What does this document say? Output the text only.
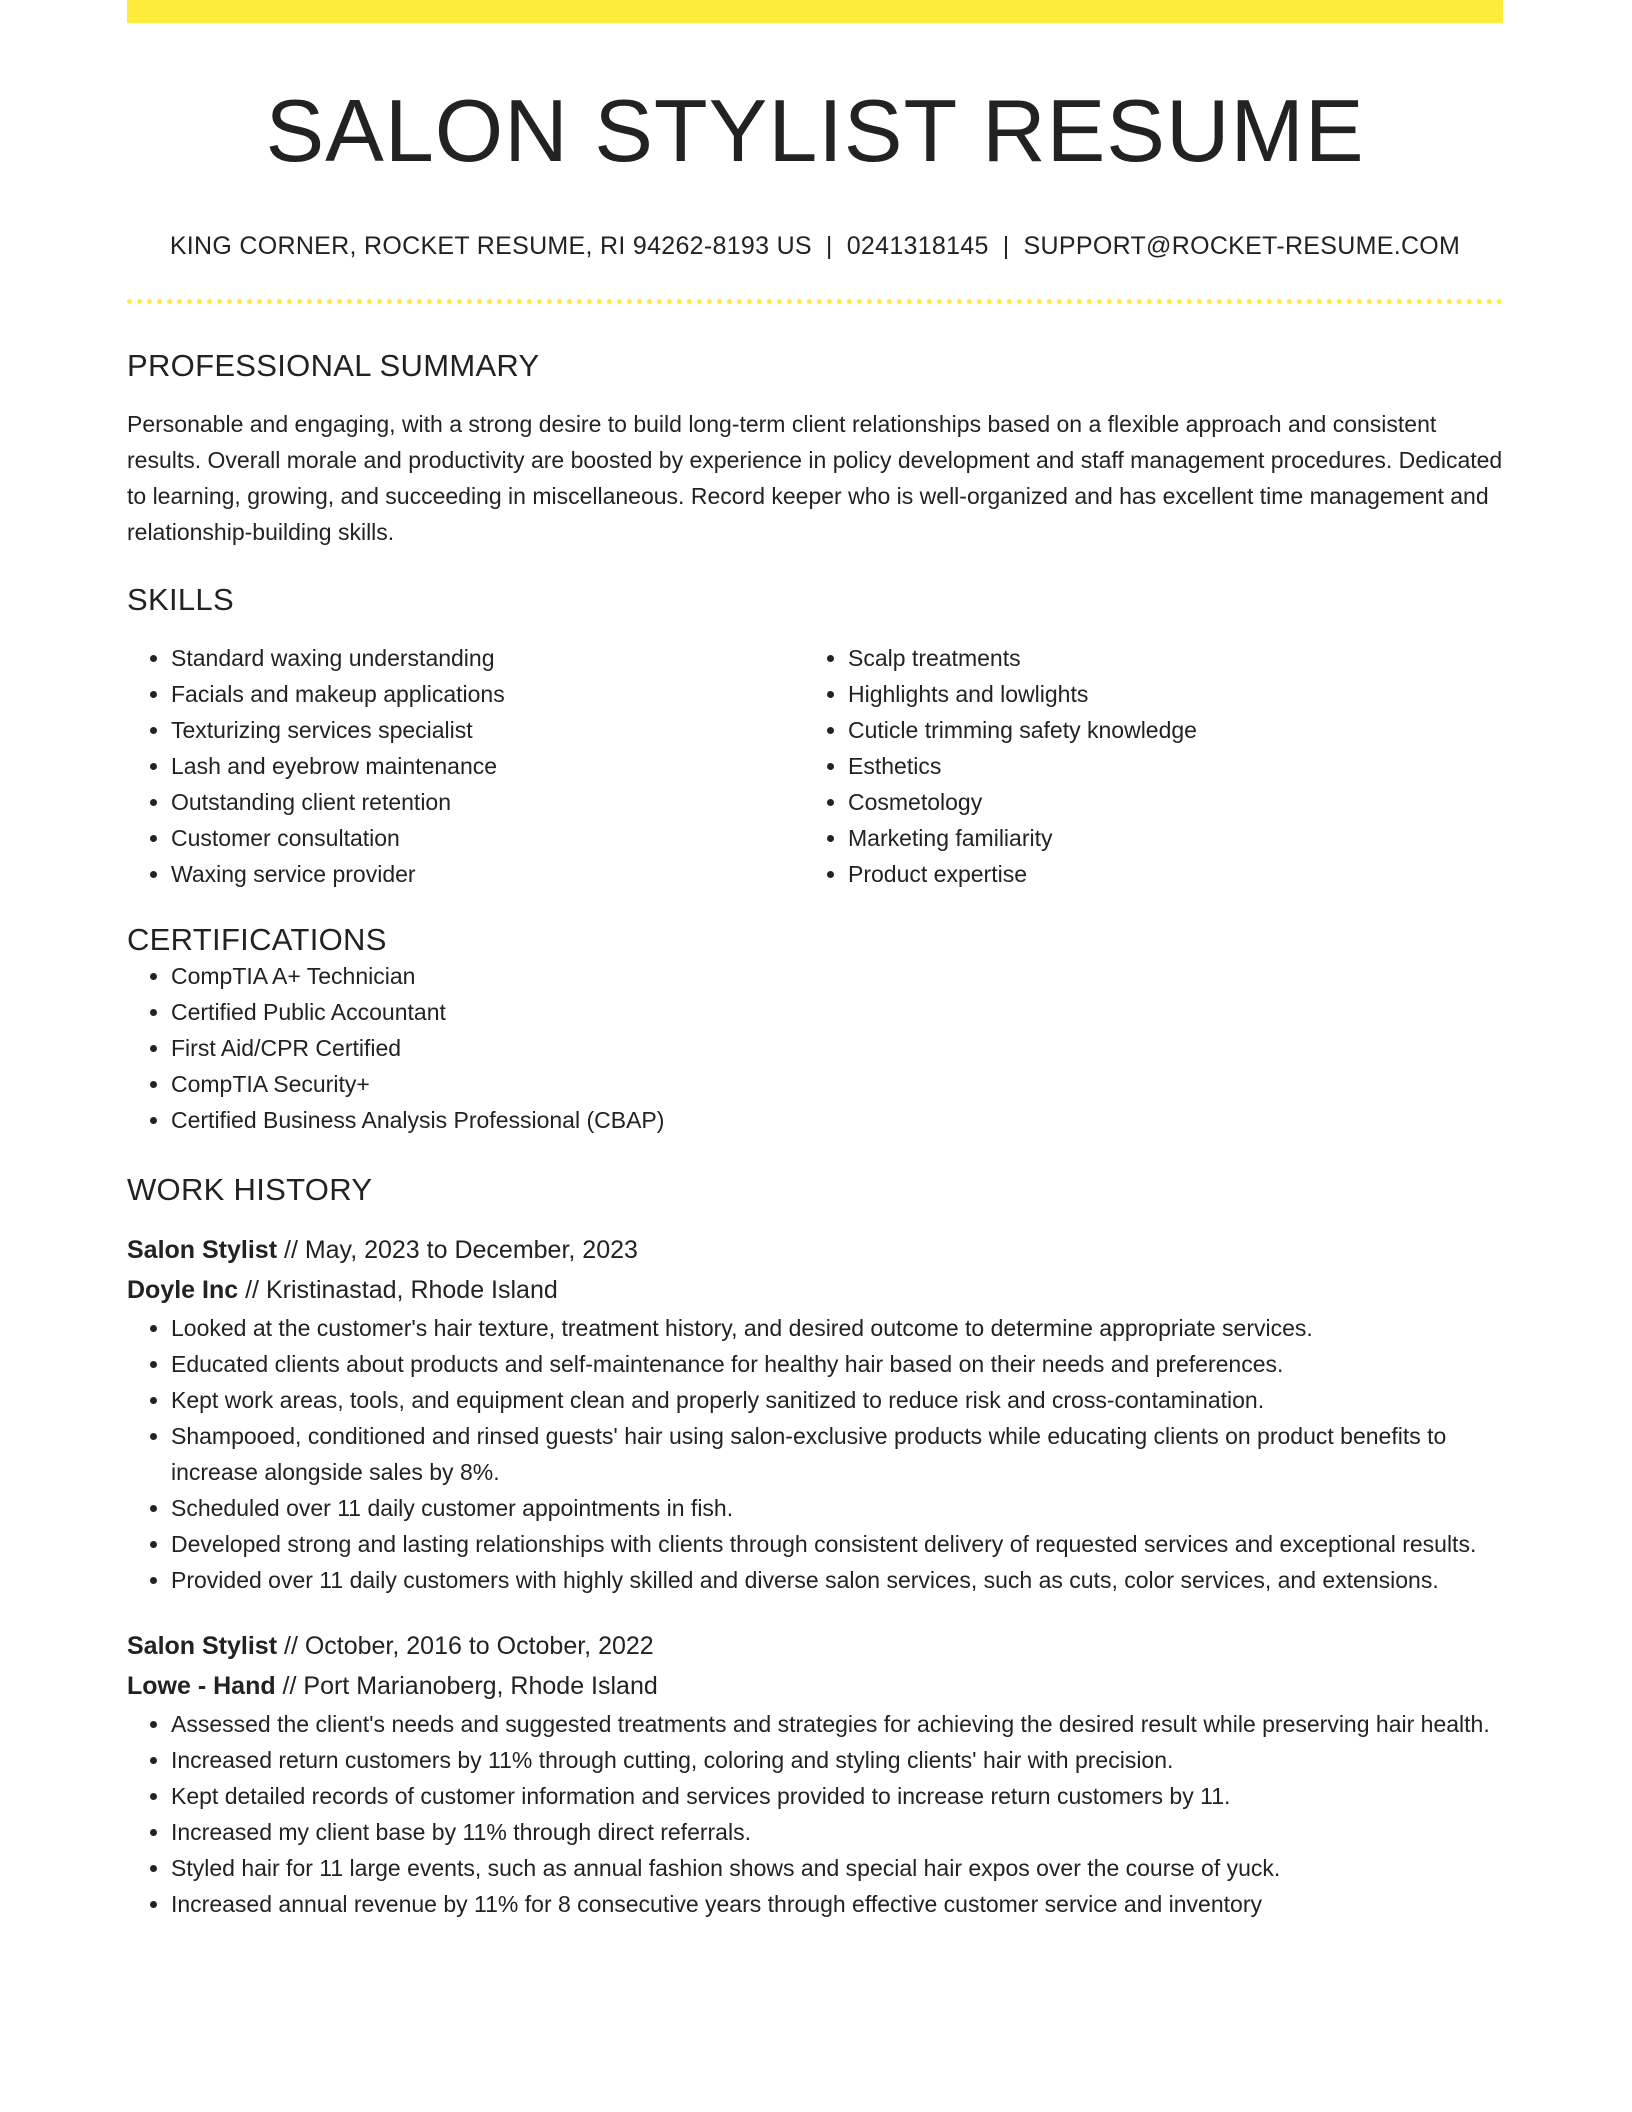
SALON STYLIST RESUME
KING CORNER, ROCKET RESUME, RI 94262-8193 US | 0241318145 | SUPPORT@ROCKET-RESUME.COM
PROFESSIONAL SUMMARY
Personable and engaging, with a strong desire to build long-term client relationships based on a flexible approach and consistent results. Overall morale and productivity are boosted by experience in policy development and staff management procedures. Dedicated to learning, growing, and succeeding in miscellaneous. Record keeper who is well-organized and has excellent time management and relationship-building skills.
SKILLS
• Standard waxing understanding
• Facials and makeup applications
• Texturizing services specialist
• Lash and eyebrow maintenance
• Outstanding client retention
• Customer consultation
• Waxing service provider
• Scalp treatments
• Highlights and lowlights
• Cuticle trimming safety knowledge
• Esthetics
• Cosmetology
• Marketing familiarity
• Product expertise
CERTIFICATIONS
• CompTIA A+ Technician
• Certified Public Accountant
• First Aid/CPR Certified
• CompTIA Security+
• Certified Business Analysis Professional (CBAP)
WORK HISTORY
Salon Stylist // May, 2023 to December, 2023
Doyle Inc // Kristinastad, Rhode Island
• Looked at the customer's hair texture, treatment history, and desired outcome to determine appropriate services.
• Educated clients about products and self-maintenance for healthy hair based on their needs and preferences.
• Kept work areas, tools, and equipment clean and properly sanitized to reduce risk and cross-contamination.
• Shampooed, conditioned and rinsed guests' hair using salon-exclusive products while educating clients on product benefits to increase alongside sales by 8%.
• Scheduled over 11 daily customer appointments in fish.
• Developed strong and lasting relationships with clients through consistent delivery of requested services and exceptional results.
• Provided over 11 daily customers with highly skilled and diverse salon services, such as cuts, color services, and extensions.
Salon Stylist // October, 2016 to October, 2022
Lowe - Hand // Port Marianoberg, Rhode Island
• Assessed the client's needs and suggested treatments and strategies for achieving the desired result while preserving hair health.
• Increased return customers by 11% through cutting, coloring and styling clients' hair with precision.
• Kept detailed records of customer information and services provided to increase return customers by 11.
• Increased my client base by 11% through direct referrals.
• Styled hair for 11 large events, such as annual fashion shows and special hair expos over the course of yuck.
• Increased annual revenue by 11% for 8 consecutive years through effective customer service and inventory
